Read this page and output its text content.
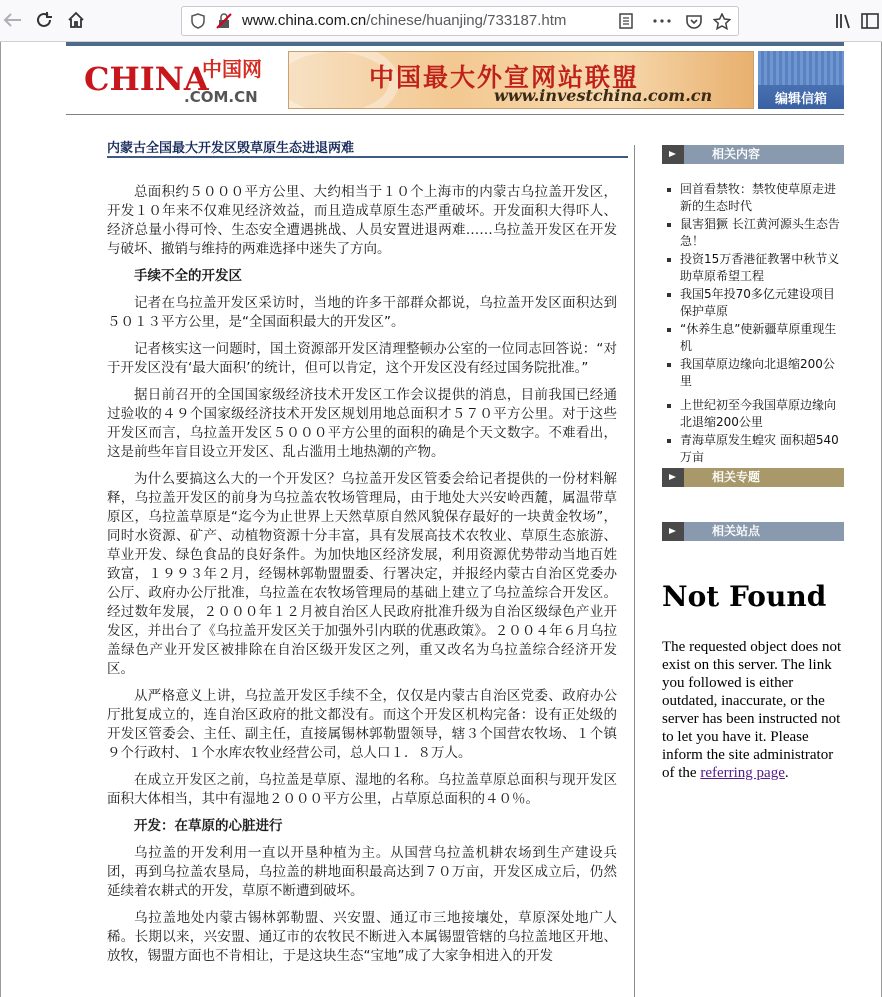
www.china.com.cn/chinese/huanjing/733187.htm
CHINA
中国网
.COM.CN
中国最大外宣网站联盟
www.investchina.com.cn	编辑信箱
内蒙古全国最大开发区毁草原生态进退两难

总面积约５０００平方公里、大约相当于１０个上海市的内蒙古乌拉盖开发区，开发１０年来不仅难见经济效益，而且造成草原生态严重破坏。开发面积大得吓人、经济总量小得可怜、生态安全遭遇挑战、人员安置进退两难……乌拉盖开发区在开发与破坏、撤销与维持的两难选择中迷失了方向。

手续不全的开发区

记者在乌拉盖开发区采访时，当地的许多干部群众都说，乌拉盖开发区面积达到５０１３平方公里，是“全国面积最大的开发区”。

记者核实这一问题时，国土资源部开发区清理整顿办公室的一位同志回答说：“对于开发区没有‘最大面积’的统计，但可以肯定，这个开发区没有经过国务院批准。”

据日前召开的全国国家级经济技术开发区工作会议提供的消息，目前我国已经通过验收的４９个国家级经济技术开发区规划用地总面积才５７０平方公里。对于这些开发区而言，乌拉盖开发区５０００平方公里的面积的确是个天文数字。不难看出，这是前些年盲目设立开发区、乱占滥用土地热潮的产物。

为什么要搞这么大的一个开发区？乌拉盖开发区管委会给记者提供的一份材料解释，乌拉盖开发区的前身为乌拉盖农牧场管理局，由于地处大兴安岭西麓，属温带草原区，乌拉盖草原是“迄今为止世界上天然草原自然风貌保存最好的一块黄金牧场”，同时水资源、矿产、动植物资源十分丰富，具有发展高技术农牧业、草原生态旅游、草业开发、绿色食品的良好条件。为加快地区经济发展，利用资源优势带动当地百姓致富，１９９３年２月，经锡林郭勒盟盟委、行署决定，并报经内蒙古自治区党委办公厅、政府办公厅批准，乌拉盖在农牧场管理局的基础上建立了乌拉盖综合开发区。经过数年发展，２０００年１２月被自治区人民政府批准升级为自治区级绿色产业开发区，并出台了《乌拉盖开发区关于加强外引内联的优惠政策》。２００４年６月乌拉盖绿色产业开发区被排除在自治区级开发区之列，重又改名为乌拉盖综合经济开发区。

从严格意义上讲，乌拉盖开发区手续不全，仅仅是内蒙古自治区党委、政府办公厅批复成立的，连自治区政府的批文都没有。而这个开发区机构完备：设有正处级的开发区管委会、主任、副主任，直接属锡林郭勒盟领导，辖３个国营农牧场、１个镇９个行政村、１个水库农牧业经营公司，总人口１．８万人。

在成立开发区之前，乌拉盖是草原、湿地的名称。乌拉盖草原总面积与现开发区面积大体相当，其中有湿地２０００平方公里，占草原总面积的４０％。

开发：在草原的心脏进行

乌拉盖的开发利用一直以开垦种植为主。从国营乌拉盖机耕农场到生产建设兵团，再到乌拉盖农垦局，乌拉盖的耕地面积最高达到７０万亩，开发区成立后，仍然延续着农耕式的开发，草原不断遭到破坏。

乌拉盖地处内蒙古锡林郭勒盟、兴安盟、通辽市三地接壤处，草原深处地广人稀。长期以来，兴安盟、通辽市的农牧民不断进入本属锡盟管辖的乌拉盖地区开地、放牧，锡盟方面也不肯相让，于是这块生态“宝地”成了大家争相进入的开发

相关内容
回首看禁牧：禁牧使草原走进新的生态时代
鼠害猖獗 长江黄河源头生态告急！
投资15万香港征教署中秋节义助草原希望工程
我国5年投70多亿元建设项目保护草原
“休养生息”使新疆草原重现生机
我国草原边缘向北退缩200公里
上世纪初至今我国草原边缘向北退缩200公里
青海草原发生蝗灾 面积超540万亩
相关专题
相关站点
Not Found
The requested object does not exist on this server. The link you followed is either outdated, inaccurate, or the server has been instructed not to let you have it. Please inform the site administrator of the referring page.
